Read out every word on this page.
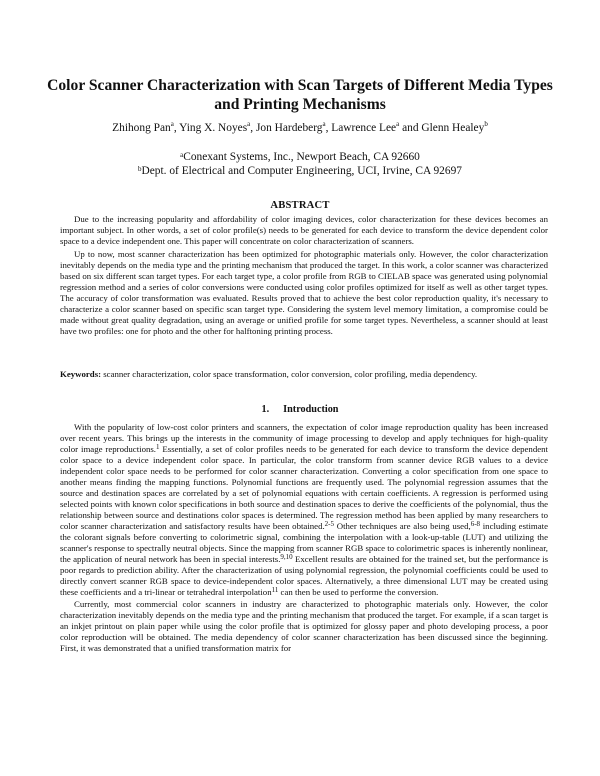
Color Scanner Characterization with Scan Targets of Different Media Types and Printing Mechanisms
Zhihong Pan$^a$, Ying X. Noyes$^a$, Jon Hardeberg$^a$, Lawrence Lee$^a$ and Glenn Healey$^b$
$^a$Conexant Systems, Inc., Newport Beach, CA 92660
$^b$Dept. of Electrical and Computer Engineering, UCI, Irvine, CA 92697
ABSTRACT

Due to the increasing popularity and affordability of color imaging devices, color characterization for these devices becomes an important subject. In other words, a set of color profile(s) needs to be generated for each device to transform the device dependent color space to a device independent one. This paper will concentrate on color characterization of scanners.

Up to now, most scanner characterization has been optimized for photographic materials only. However, the color characterization inevitably depends on the media type and the printing mechanism that produced the target. In this work, a color scanner was characterized based on six different scan target types. For each target type, a color profile from RGB to CIELAB space was generated using polynomial regression method and a series of color conversions were conducted using color profiles optimized for itself as well as other target types. The accuracy of color transformation was evaluated. Results proved that to achieve the best color reproduction quality, it's necessary to characterize a color scanner based on specific scan target type. Considering the system level memory limitation, a compromise could be made without great quality degradation, using an average or unified profile for some target types. Nevertheless, a scanner should at least have two profiles: one for photo and the other for halftoning printing process.

Keywords: scanner characterization, color space transformation, color conversion, color profiling, media dependency.
1. Introduction

With the popularity of low-cost color printers and scanners, the expectation of color image reproduction quality has been increased over recent years. This brings up the interests in the community of image processing to develop and apply techniques for high-quality color image reproductions.$^1$ Essentially, a set of color profiles needs to be generated for each device to transform the device dependent color space to a device independent color space. In particular, the color transform from scanner device RGB values to a device independent color space needs to be performed for color scanner characterization. Converting a color specification from one space to another means finding the mapping functions. Polynomial functions are frequently used. The polynomial regression assumes that the source and destination spaces are correlated by a set of polynomial equations with certain coefficients. A regression is performed using selected points with known color specifications in both source and destination spaces to derive the coefficients of the polynomial, thus the relationship between source and destinations color spaces is determined. The regression method has been applied by many researchers to color scanner characterization and satisfactory results have been obtained.$^{2-5}$ Other techniques are also being used,$^{6-8}$ including estimate the colorant signals before converting to colorimetric signal, combining the interpolation with a look-up-table (LUT) and utilizing the scanner's response to spectrally neutral objects. Since the mapping from scanner RGB space to colorimetric spaces is inherently nonlinear, the application of neural network has been in special interests.$^{9,10}$ Excellent results are obtained for the trained set, but the performance is poor regards to prediction ability. After the characterization of using polynomial regression, the polynomial coefficients could be used to directly convert scanner RGB space to device-independent color spaces. Alternatively, a three dimensional LUT may be created using these coefficients and a tri-linear or tetrahedral interpolation$^{11}$ can then be used to performe the conversion.

Currently, most commercial color scanners in industry are characterized to photographic materials only. However, the color characterization inevitably depends on the media type and the printing mechanism that produced the target. For example, if a scan target is an inkjet printout on plain paper while using the color profile that is optimized for glossy paper and photo developing process, a poor color reproduction will be obtained. The media dependency of color scanner characterization has been discussed since the beginning. First, it was demonstrated that a unified transformation matrix for
